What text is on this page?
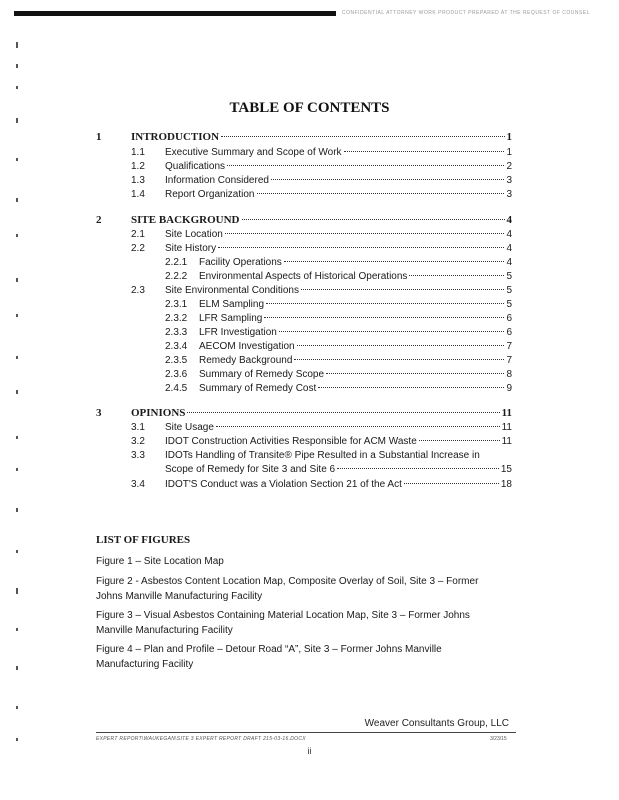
CONFIDENTIAL ATTORNEY WORK PRODUCT PREPARED AT THE REQUEST OF COUNSEL
TABLE OF CONTENTS
1	INTRODUCTION	1
1.1 Executive Summary and Scope of Work	1
1.2 Qualifications	2
1.3 Information Considered	3
1.4 Report Organization	3
2	SITE BACKGROUND	4
2.1 Site Location	4
2.2 Site History	4
2.2.1 Facility Operations	4
2.2.2 Environmental Aspects of Historical Operations	5
2.3 Site Environmental Conditions	5
2.3.1 ELM Sampling	5
2.3.2 LFR Sampling	6
2.3.3 LFR Investigation	6
2.3.4 AECOM Investigation	7
2.3.5 Remedy Background	7
2.3.6 Summary of Remedy Scope	8
2.4.5 Summary of Remedy Cost	9
3	OPINIONS	11
3.1 Site Usage	11
3.2 IDOT Construction Activities Responsible for ACM Waste	11
3.3 IDOTs Handling of Transite® Pipe Resulted in a Substantial Increase in
Scope of Remedy for Site 3 and Site 6	15
3.4 IDOT'S Conduct was a Violation Section 21 of the Act	18
LIST OF FIGURES
Figure 1 – Site Location Map
Figure 2 - Asbestos Content Location Map, Composite Overlay of Soil, Site 3 – Former Johns Manville Manufacturing Facility
Figure 3 – Visual Asbestos Containing Material Location Map, Site 3 – Former Johns Manville Manufacturing Facility
Figure 4 – Plan and Profile – Detour Road “A”, Site 3 – Former Johns Manville Manufacturing Facility
Weaver Consultants Group, LLC
EXPERT REPORT\WAUKEGAN\SITE 3 EXPERT REPORT DRAFT 215-03-16.DOCX	3/23/15
ii
